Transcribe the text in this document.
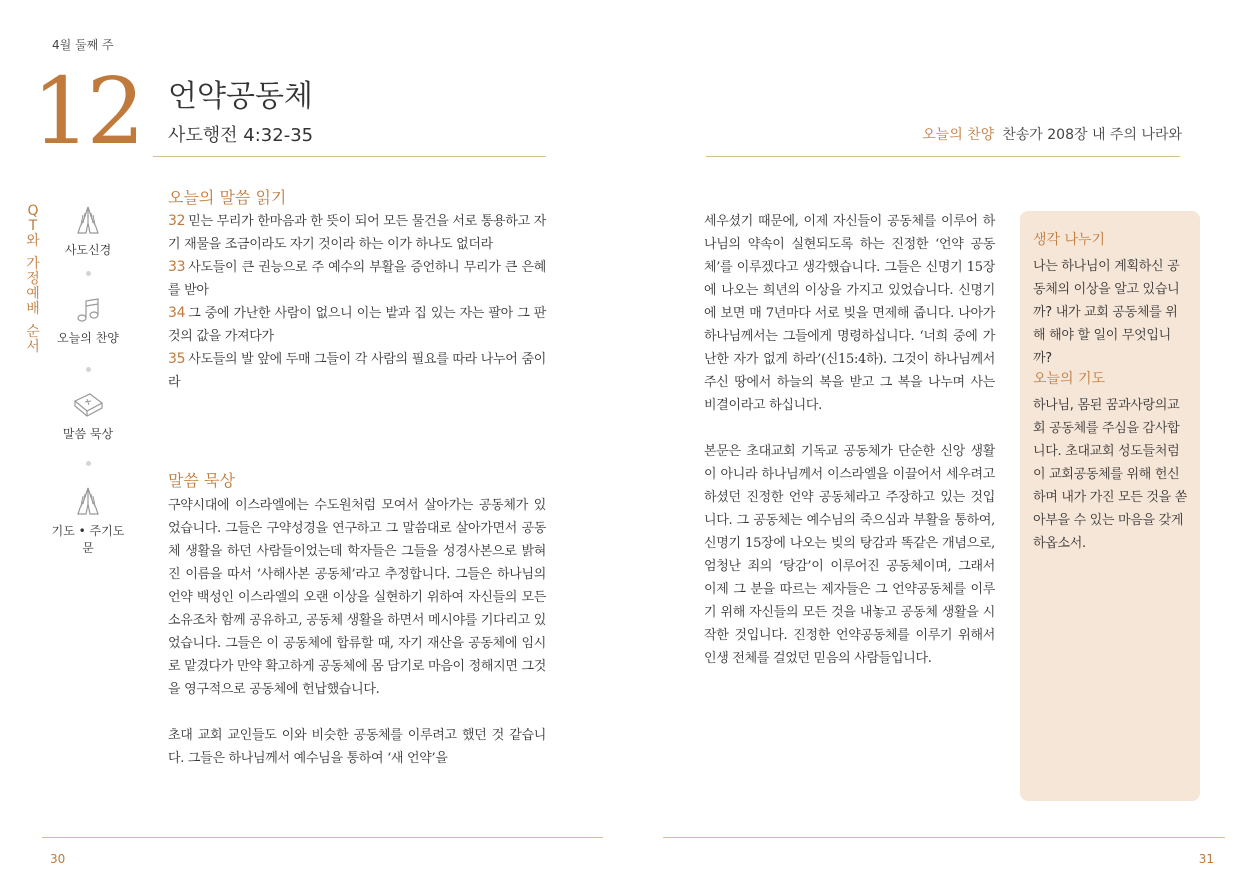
4월 둘째 주
12 언약공동체
사도행전 4:32-35	오늘의 찬양 찬송가 208장 내 주의 나라와
Q
T
와
가
정
예
배
순
서
사도신경
오늘의 찬양
말씀 묵상
기도 • 주기도문
오늘의 말씀 읽기

32 믿는 무리가 한마음과 한 뜻이 되어 모든 물건을 서로 통용하고 자기 재물을 조금이라도 자기 것이라 하는 이가 하나도 없더라

33 사도들이 큰 권능으로 주 예수의 부활을 증언하니 무리가 큰 은혜를 받아

34 그 중에 가난한 사람이 없으니 이는 밭과 집 있는 자는 팔아 그 판 것의 값을 가져다가

35 사도들의 발 앞에 두매 그들이 각 사람의 필요를 따라 나누어 줌이라

말씀 묵상

구약시대에 이스라엘에는 수도원처럼 모여서 살아가는 공동체가 있었습니다. 그들은 구약성경을 연구하고 그 말씀대로 살아가면서 공동체 생활을 하던 사람들이었는데 학자들은 그들을 성경사본으로 밝혀진 이름을 따서 ‘사해사본 공동체’라고 추정합니다. 그들은 하나님의 언약 백성인 이스라엘의 오랜 이상을 실현하기 위하여 자신들의 모든 소유조차 함께 공유하고, 공동체 생활을 하면서 메시야를 기다리고 있었습니다. 그들은 이 공동체에 합류할 때, 자기 재산을 공동체에 임시로 맡겼다가 만약 확고하게 공동체에 몸 담기로 마음이 정해지면 그것을 영구적으로 공동체에 헌납했습니다.

초대 교회 교인들도 이와 비슷한 공동체를 이루려고 했던 것 같습니다. 그들은 하나님께서 예수님을 통하여 ‘새 언약’을

세우셨기 때문에, 이제 자신들이 공동체를 이루어 하나님의 약속이 실현되도록 하는 진정한 ‘언약 공동체’를 이루겠다고 생각했습니다. 그들은 신명기 15장에 나오는 희년의 이상을 가지고 있었습니다. 신명기에 보면 매 7년마다 서로 빚을 면제해 줍니다. 나아가 하나님께서는 그들에게 명령하십니다. ‘너희 중에 가난한 자가 없게 하라’(신15:4하). 그것이 하나님께서 주신 땅에서 하늘의 복을 받고 그 복을 나누며 사는 비결이라고 하십니다.

본문은 초대교회 기독교 공동체가 단순한 신앙 생활이 아니라 하나님께서 이스라엘을 이끌어서 세우려고 하셨던 진정한 언약 공동체라고 주장하고 있는 것입니다. 그 공동체는 예수님의 죽으심과 부활을 통하여, 신명기 15장에 나오는 빚의 탕감과 똑같은 개념으로, 엄청난 죄의 ‘탕감’이 이루어진 공동체이며, 그래서 이제 그 분을 따르는 제자들은 그 언약공동체를 이루기 위해 자신들의 모든 것을 내놓고 공동체 생활을 시작한 것입니다. 진정한 언약공동체를 이루기 위해서 인생 전체를 걸었던 믿음의 사람들입니다.

생각 나누기

나는 하나님이 계획하신 공동체의 이상을 알고 있습니까? 내가 교회 공동체를 위해 해야 할 일이 무엇입니까?

오늘의 기도

하나님, 몸된 꿈과사랑의교회 공동체를 주심을 감사합니다. 초대교회 성도들처럼 이 교회공동체를 위해 헌신하며 내가 가진 모든 것을 쏟아부을 수 있는 마음을 갖게 하옵소서.

30	31
